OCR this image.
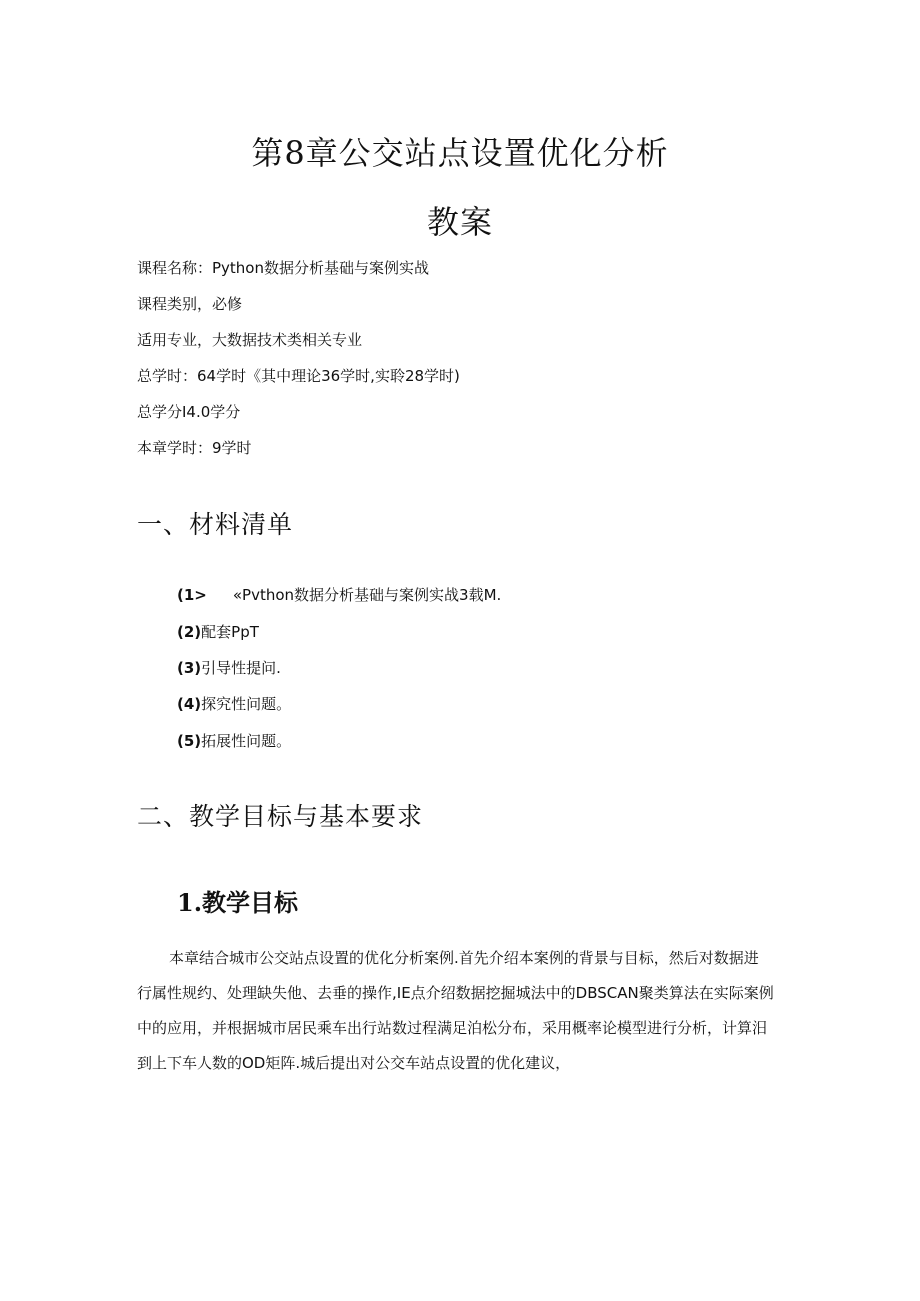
第8章公交站点设置优化分析
教案

课程名称：Python数据分析基础与案例实战

课程类别，必修

适用专业，大数据技术类相关专业

总学时：64学时《其中理论36学时,实聆28学时)

总学分I4.0学分

本章学时：9学时

一、材料清单

(1> «Pvthon数据分析基础与案例实战3载M.

(2)配套PpT

(3)引导性提问.

(4)探究性问题。

(5)拓展性问题。

二、教学目标与基本要求
1.教学目标
本章结合城市公交站点设置的优化分析案例.首先介绍本案例的背景与目标，然后对数据进
行属性规约、处理缺失他、去垂的操作,IE点介绍数据挖掘城法中的DBSCAN聚类算法在实际案例
中的应用，并根据城市居民乘车出行站数过程满足泊松分布，采用概率论模型进行分析，计算汨
到上下车人数的OD矩阵.城后提出对公交车站点设置的优化建议，
